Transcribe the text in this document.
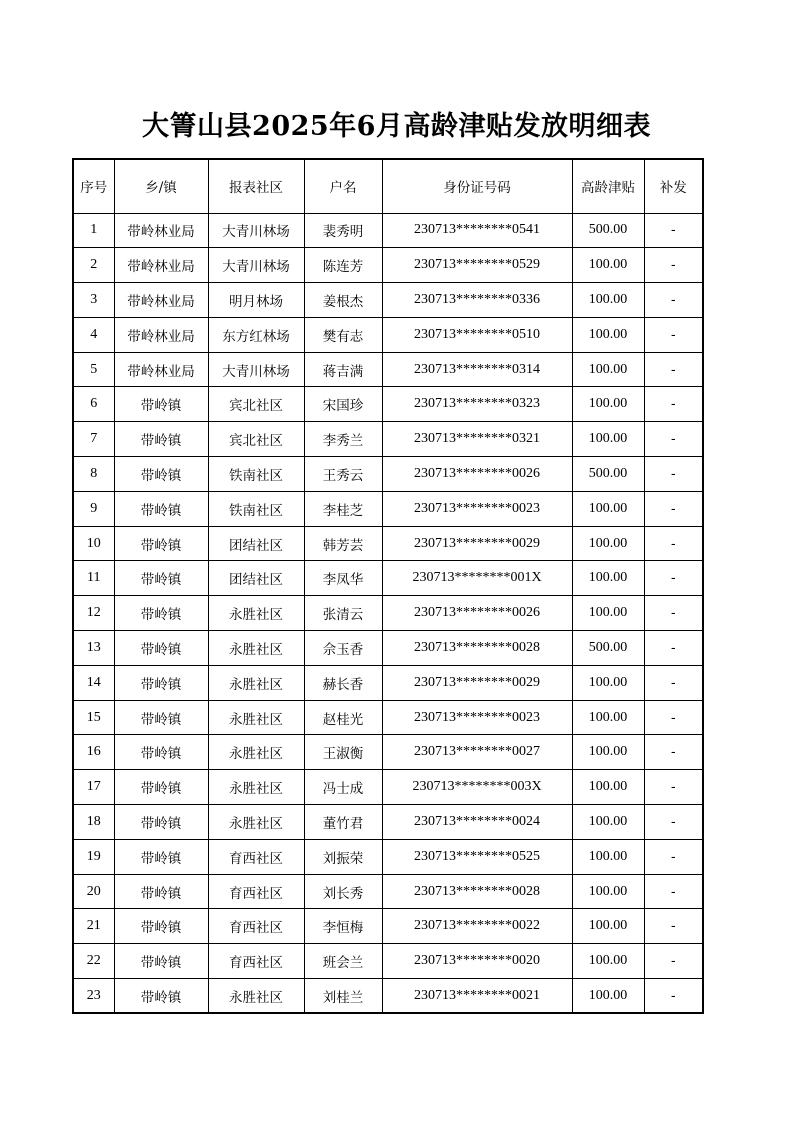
大箐山县2025年6月高龄津贴发放明细表
序号	乡/镇	报表社区	户名	身份证号码	高龄津贴	补发
1	带岭林业局	大青川林场	裴秀明	230713********0541	500.00	-
2	带岭林业局	大青川林场	陈连芳	230713********0529	100.00	-
3	带岭林业局	明月林场	姜根杰	230713********0336	100.00	-
4	带岭林业局	东方红林场	樊有志	230713********0510	100.00	-
5	带岭林业局	大青川林场	蒋吉满	230713********0314	100.00	-
6	带岭镇	宾北社区	宋国珍	230713********0323	100.00	-
7	带岭镇	宾北社区	李秀兰	230713********0321	100.00	-
8	带岭镇	铁南社区	王秀云	230713********0026	500.00	-
9	带岭镇	铁南社区	李桂芝	230713********0023	100.00	-
10	带岭镇	团结社区	韩芳芸	230713********0029	100.00	-
11	带岭镇	团结社区	李凤华	230713********001X	100.00	-
12	带岭镇	永胜社区	张清云	230713********0026	100.00	-
13	带岭镇	永胜社区	佘玉香	230713********0028	500.00	-
14	带岭镇	永胜社区	赫长香	230713********0029	100.00	-
15	带岭镇	永胜社区	赵桂光	230713********0023	100.00	-
16	带岭镇	永胜社区	王淑衡	230713********0027	100.00	-
17	带岭镇	永胜社区	冯士成	230713********003X	100.00	-
18	带岭镇	永胜社区	董竹君	230713********0024	100.00	-
19	带岭镇	育西社区	刘振荣	230713********0525	100.00	-
20	带岭镇	育西社区	刘长秀	230713********0028	100.00	-
21	带岭镇	育西社区	李恒梅	230713********0022	100.00	-
22	带岭镇	育西社区	班会兰	230713********0020	100.00	-
23	带岭镇	永胜社区	刘桂兰	230713********0021	100.00	-
